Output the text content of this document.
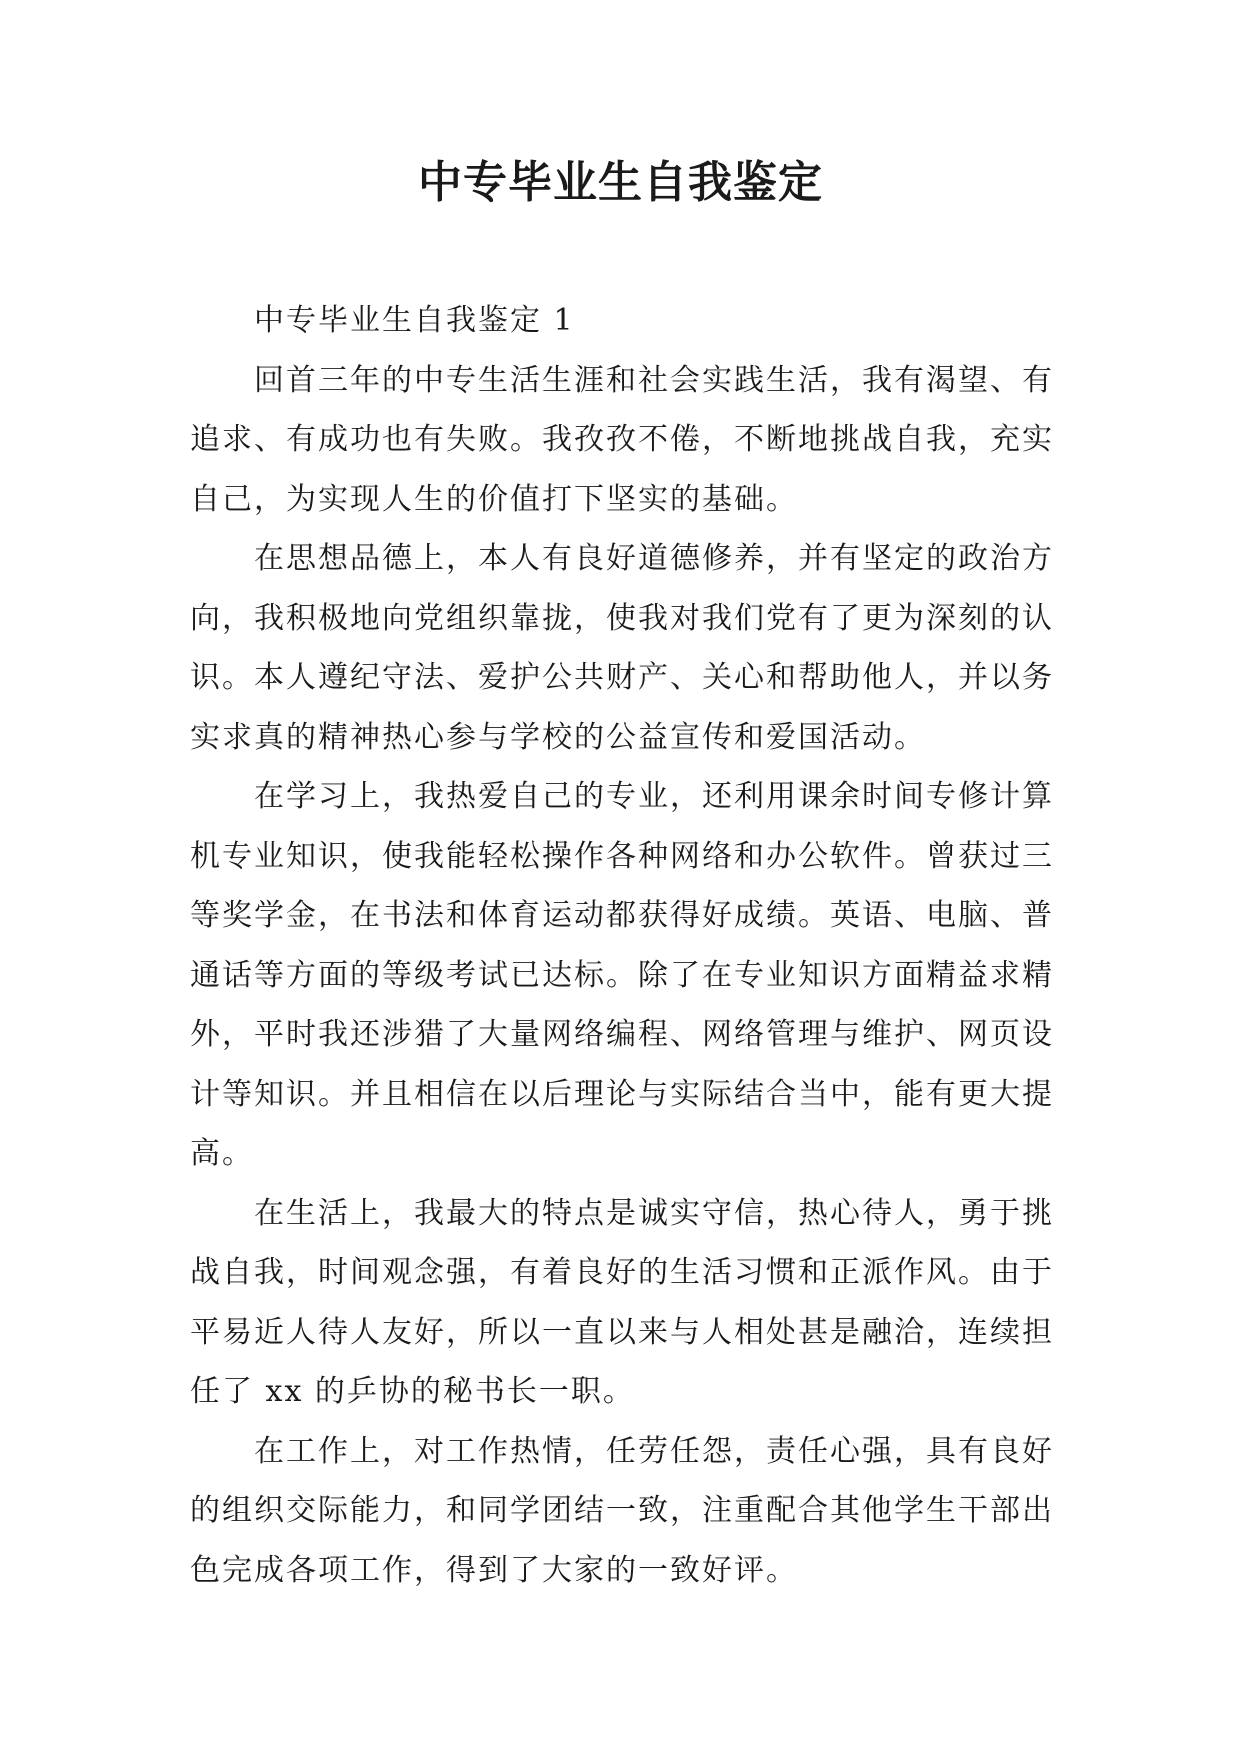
中专毕业生自我鉴定

中专毕业生自我鉴定 1

回首三年的中专生活生涯和社会实践生活，我有渴望、有追求、有成功也有失败。我孜孜不倦，不断地挑战自我，充实自己，为实现人生的价值打下坚实的基础。

在思想品德上，本人有良好道德修养，并有坚定的政治方向，我积极地向党组织靠拢，使我对我们党有了更为深刻的认识。本人遵纪守法、爱护公共财产、关心和帮助他人，并以务实求真的精神热心参与学校的公益宣传和爱国活动。

在学习上，我热爱自己的专业，还利用课余时间专修计算机专业知识，使我能轻松操作各种网络和办公软件。曾获过三等奖学金，在书法和体育运动都获得好成绩。英语、电脑、普通话等方面的等级考试已达标。除了在专业知识方面精益求精外，平时我还涉猎了大量网络编程、网络管理与维护、网页设计等知识。并且相信在以后理论与实际结合当中，能有更大提高。

在生活上，我最大的特点是诚实守信，热心待人，勇于挑战自我，时间观念强，有着良好的生活习惯和正派作风。由于平易近人待人友好，所以一直以来与人相处甚是融洽，连续担任了 xx 的乒协的秘书长一职。

在工作上，对工作热情，任劳任怨，责任心强，具有良好的组织交际能力，和同学团结一致，注重配合其他学生干部出色完成各项工作，得到了大家的一致好评。
